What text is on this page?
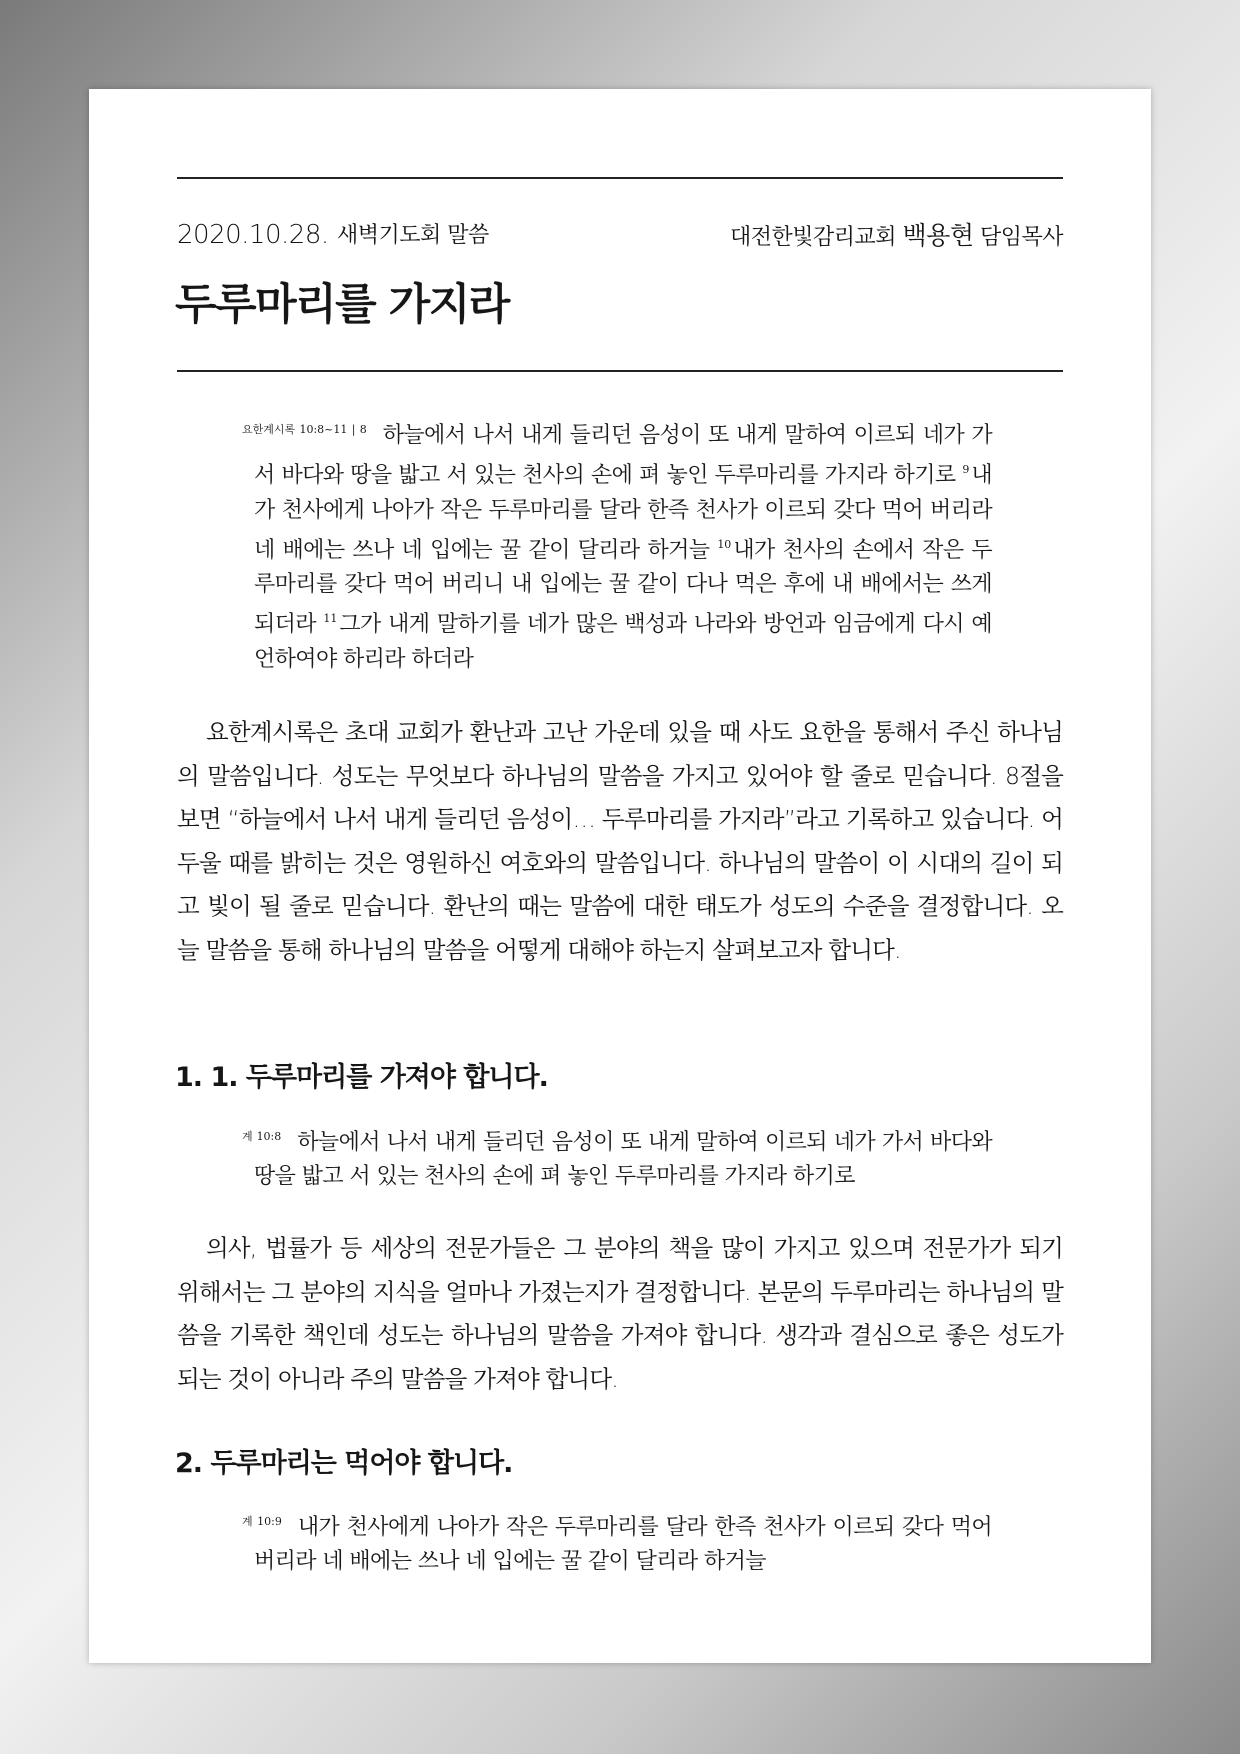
2020.10.28. 새벽기도회 말씀	대전한빛감리교회 백용현 담임목사
두루마리를 가지라
$^{요한계시록 10:8\sim 11 | 8}$ 하늘에서 나서 내게 들리던 음성이 또 내게 말하여 이르되 네가 가서 바다와 땅을 밟고 서 있는 천사의 손에 펴 놓인 두루마리를 가지라 하기로 $^9$내가 천사에게 나아가 작은 두루마리를 달라 한즉 천사가 이르되 갖다 먹어 버리라 네 배에는 쓰나 네 입에는 꿀 같이 달리라 하거늘 $^{10}$내가 천사의 손에서 작은 두루마리를 갖다 먹어 버리니 내 입에는 꿀 같이 다나 먹은 후에 내 배에서는 쓰게 되더라 $^{11}$그가 내게 말하기를 네가 많은 백성과 나라와 방언과 임금에게 다시 예언하여야 하리라 하더라

요한계시록은 초대 교회가 환난과 고난 가운데 있을 때 사도 요한을 통해서 주신 하나님의 말씀입니다. 성도는 무엇보다 하나님의 말씀을 가지고 있어야 할 줄로 믿습니다. 8절을 보면 “하늘에서 나서 내게 들리던 음성이… 두루마리를 가지라”라고 기록하고 있습니다. 어두울 때를 밝히는 것은 영원하신 여호와의 말씀입니다. 하나님의 말씀이 이 시대의 길이 되고 빛이 될 줄로 믿습니다. 환난의 때는 말씀에 대한 태도가 성도의 수준을 결정합니다. 오늘 말씀을 통해 하나님의 말씀을 어떻게 대해야 하는지 살펴보고자 합니다.

1. 1. 두루마리를 가져야 합니다.
$^{계 10:8}$ 하늘에서 나서 내게 들리던 음성이 또 내게 말하여 이르되 네가 가서 바다와 땅을 밟고 서 있는 천사의 손에 펴 놓인 두루마리를 가지라 하기로

의사, 법률가 등 세상의 전문가들은 그 분야의 책을 많이 가지고 있으며 전문가가 되기 위해서는 그 분야의 지식을 얼마나 가졌는지가 결정합니다. 본문의 두루마리는 하나님의 말씀을 기록한 책인데 성도는 하나님의 말씀을 가져야 합니다. 생각과 결심으로 좋은 성도가 되는 것이 아니라 주의 말씀을 가져야 합니다.

2. 두루마리는 먹어야 합니다.
$^{계 10:9}$ 내가 천사에게 나아가 작은 두루마리를 달라 한즉 천사가 이르되 갖다 먹어 버리라 네 배에는 쓰나 네 입에는 꿀 같이 달리라 하거늘
